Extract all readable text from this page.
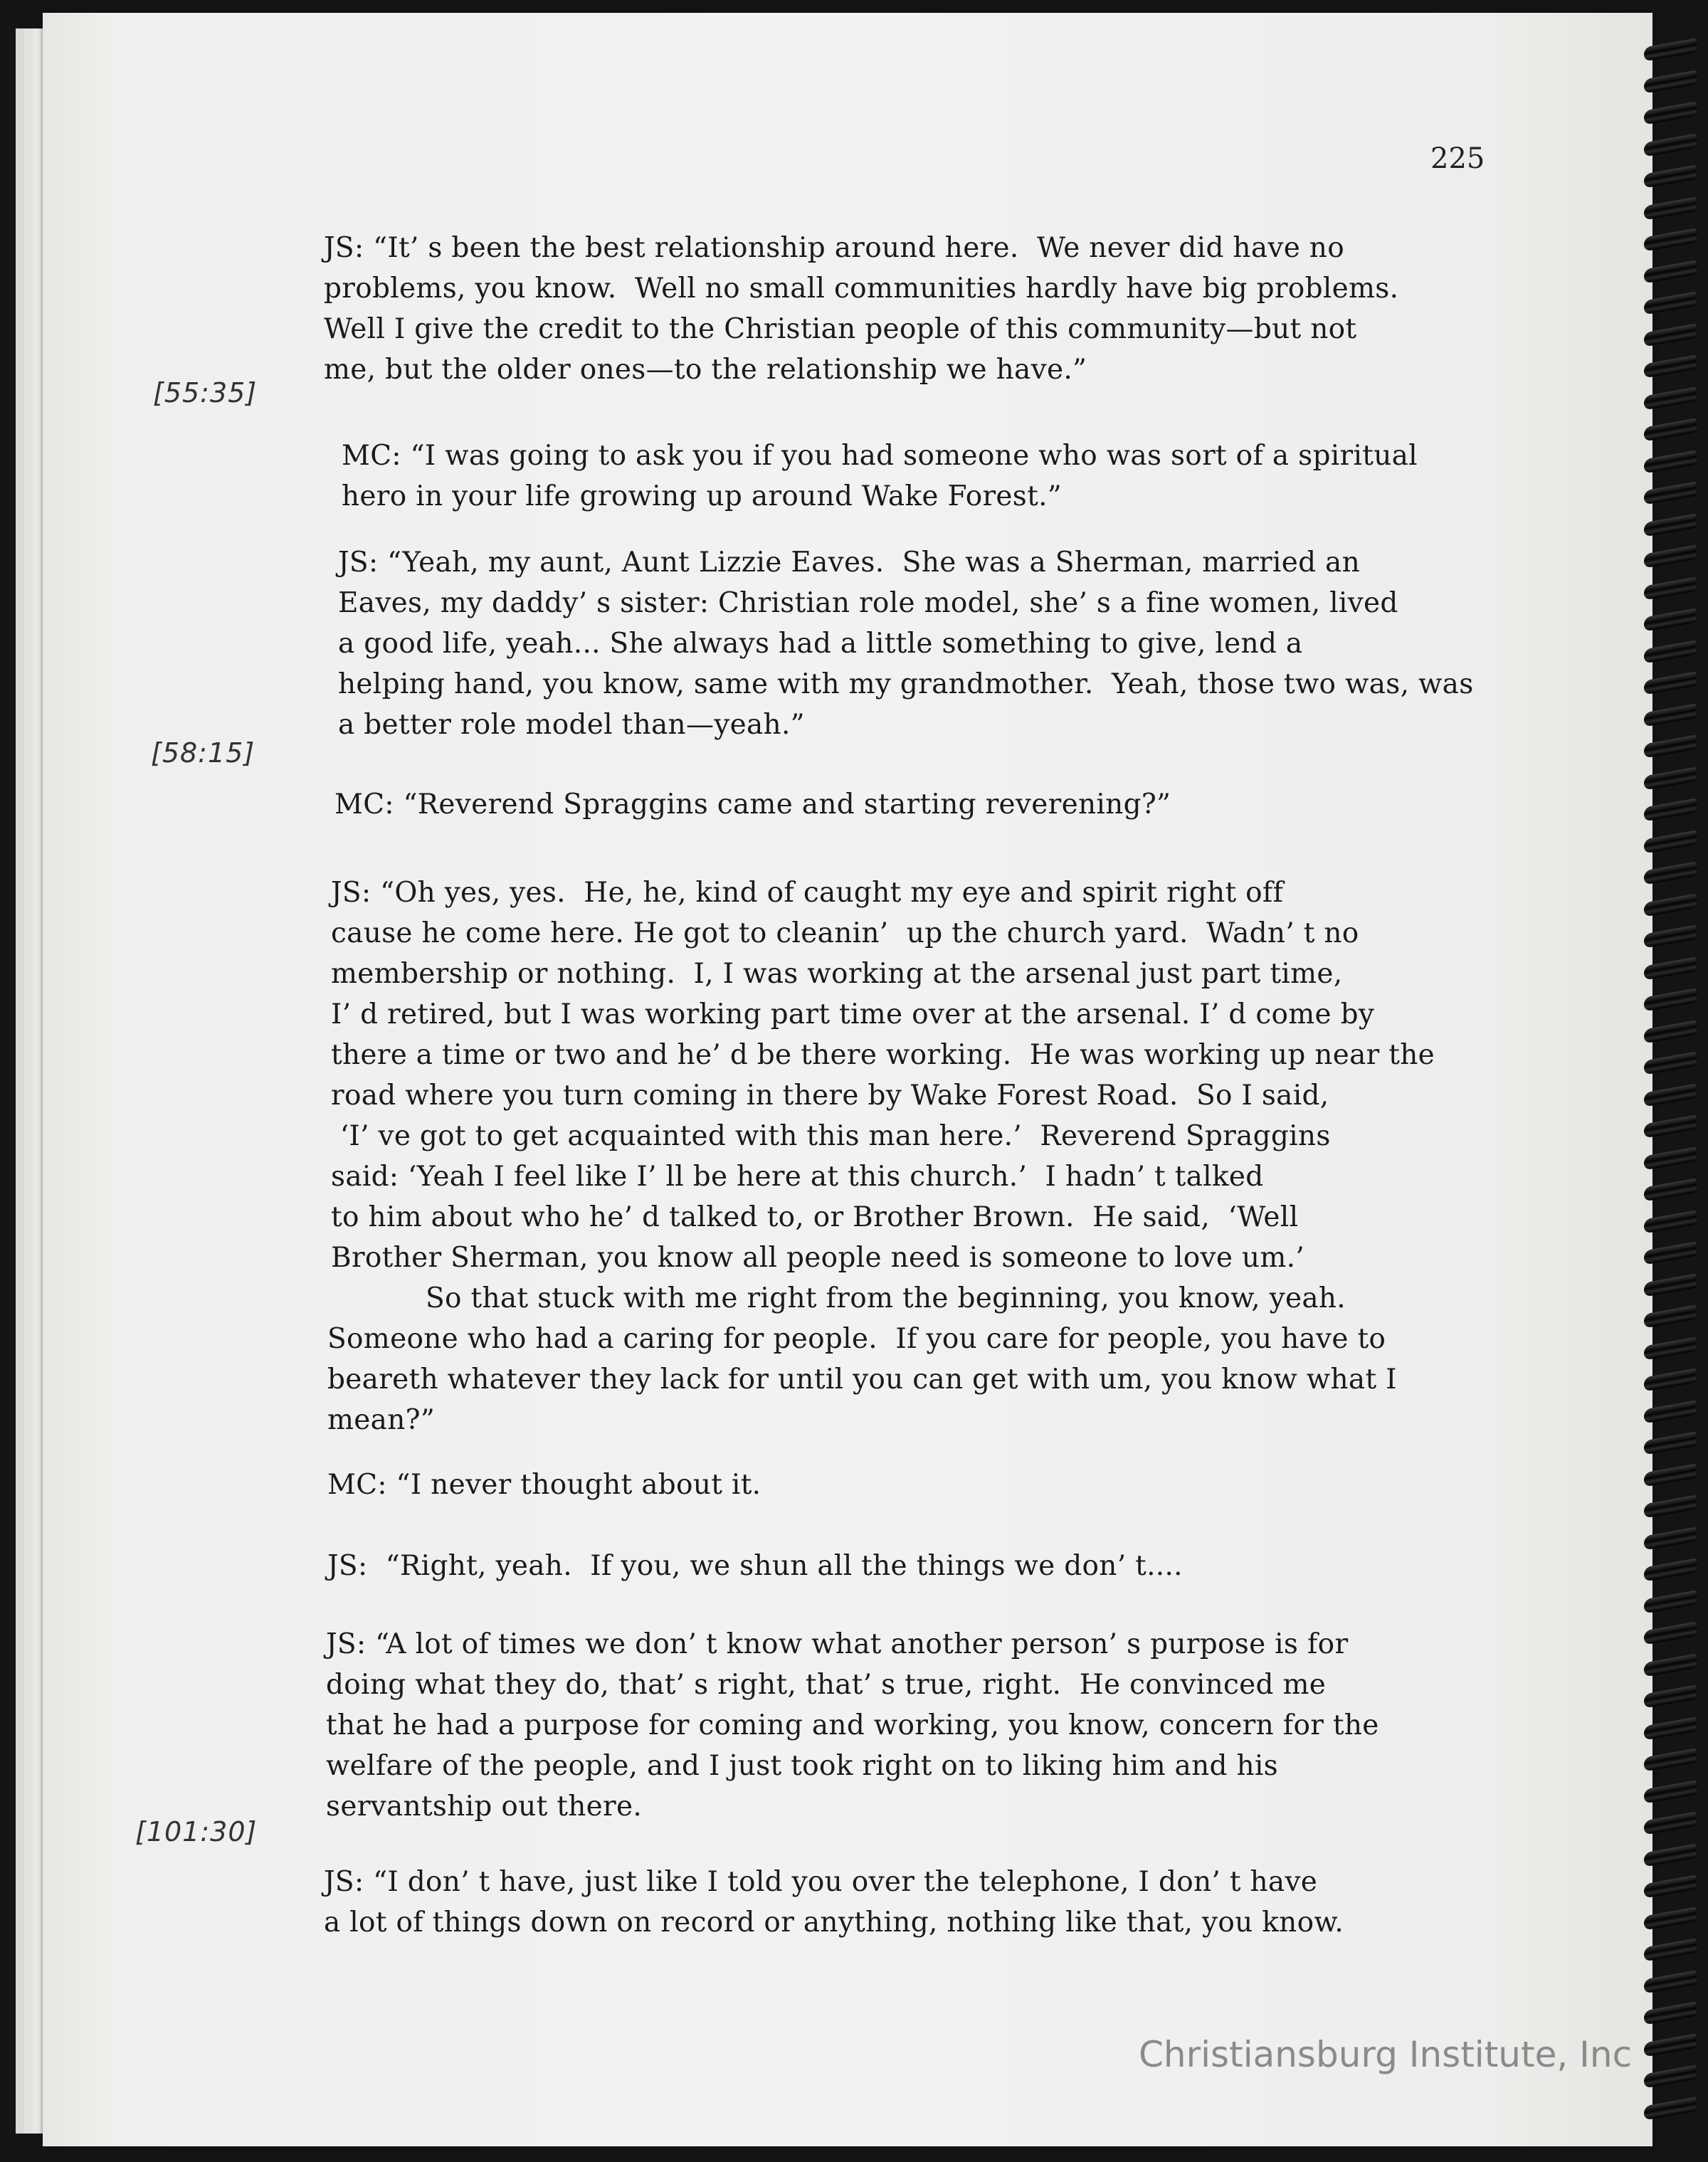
225
[55:35]
[58:15]
[101:30]
JS: “It’ s been the best relationship around here.  We never did have no
problems, you know.  Well no small communities hardly have big problems.
Well I give the credit to the Christian people of this community—but not
me, but the older ones—to the relationship we have.”
MC: “I was going to ask you if you had someone who was sort of a spiritual
hero in your life growing up around Wake Forest.”
JS: “Yeah, my aunt, Aunt Lizzie Eaves.  She was a Sherman, married an
Eaves, my daddy’ s sister: Christian role model, she’ s a fine women, lived
a good life, yeah... She always had a little something to give, lend a
helping hand, you know, same with my grandmother.  Yeah, those two was, was
a better role model than—yeah.”
MC: “Reverend Spraggins came and starting reverening?”
JS: “Oh yes, yes.  He, he, kind of caught my eye and spirit right off
cause he come here. He got to cleanin’  up the church yard.  Wadn’ t no
membership or nothing.  I, I was working at the arsenal just part time,
I’ d retired, but I was working part time over at the arsenal. I’ d come by
there a time or two and he’ d be there working.  He was working up near the
road where you turn coming in there by Wake Forest Road.  So I said,
‘I’ ve got to get acquainted with this man here.’  Reverend Spraggins
said: ‘Yeah I feel like I’ ll be here at this church.’  I hadn’ t talked
to him about who he’ d talked to, or Brother Brown.  He said,  ‘Well
Brother Sherman, you know all people need is someone to love um.’
So that stuck with me right from the beginning, you know, yeah.
Someone who had a caring for people.  If you care for people, you have to
beareth whatever they lack for until you can get with um, you know what I
mean?”
MC: “I never thought about it.
JS:  “Right, yeah.  If you, we shun all the things we don’ t....
JS: “A lot of times we don’ t know what another person’ s purpose is for
doing what they do, that’ s right, that’ s true, right.  He convinced me
that he had a purpose for coming and working, you know, concern for the
welfare of the people, and I just took right on to liking him and his
servantship out there.
JS: “I don’ t have, just like I told you over the telephone, I don’ t have
a lot of things down on record or anything, nothing like that, you know.
Christiansburg Institute, Inc
